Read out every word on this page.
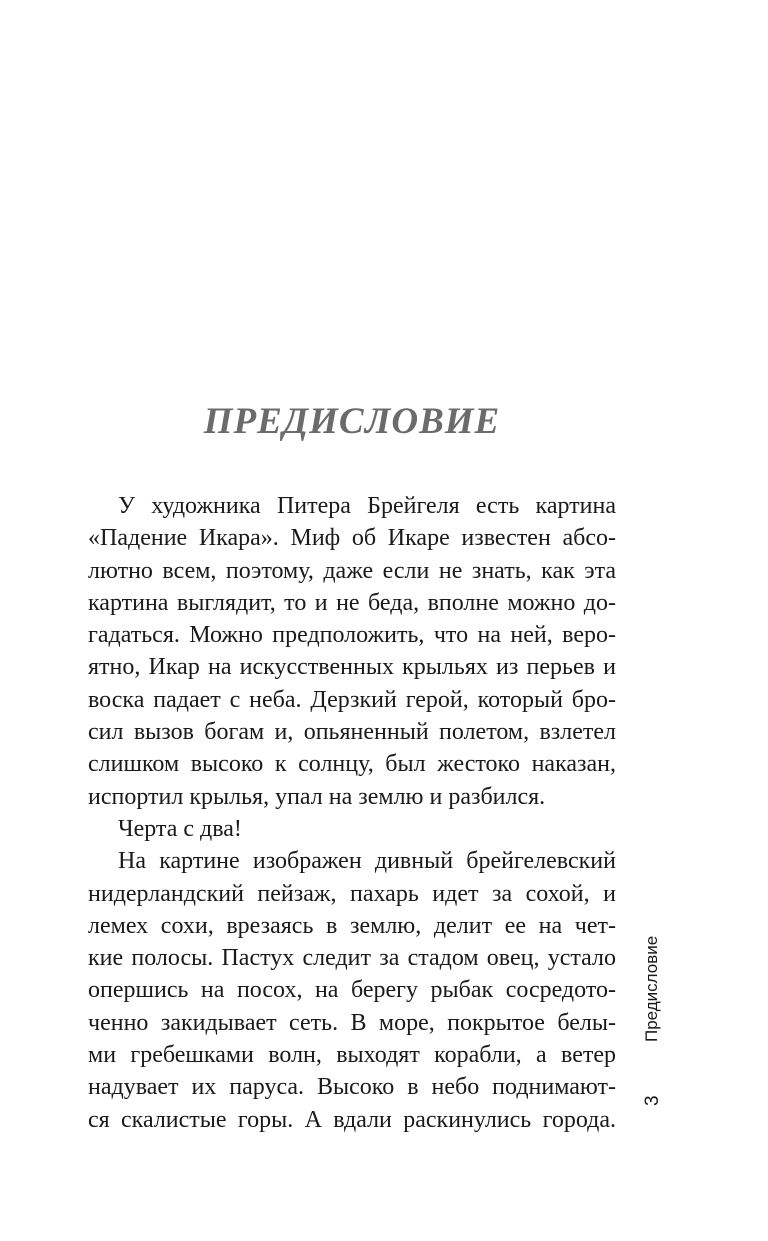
ПРЕДИСЛОВИЕ
У художника Питера Брейгеля есть картина
«Падение Икара». Миф об Икаре известен абсо-
лютно всем, поэтому, даже если не знать, как эта
картина выглядит, то и не беда, вполне можно до-
гадаться. Можно предположить, что на ней, веро-
ятно, Икар на искусственных крыльях из перьев и
воска падает с неба. Дерзкий герой, который бро-
сил вызов богам и, опьяненный полетом, взлетел
слишком высоко к солнцу, был жестоко наказан,
испортил крылья, упал на землю и разбился.
Черта с два!
На картине изображен дивный брейгелевский
нидерландский пейзаж, пахарь идет за сохой, и
лемех сохи, врезаясь в землю, делит ее на чет-
кие полосы. Пастух следит за стадом овец, устало
опершись на посох, на берегу рыбак сосредото-
ченно закидывает сеть. В море, покрытое белы-
ми гребешками волн, выходят корабли, а ветер
надувает их паруса. Высоко в небо поднимают-
ся скалистые горы. А вдали раскинулись города.
Предисловие
3
